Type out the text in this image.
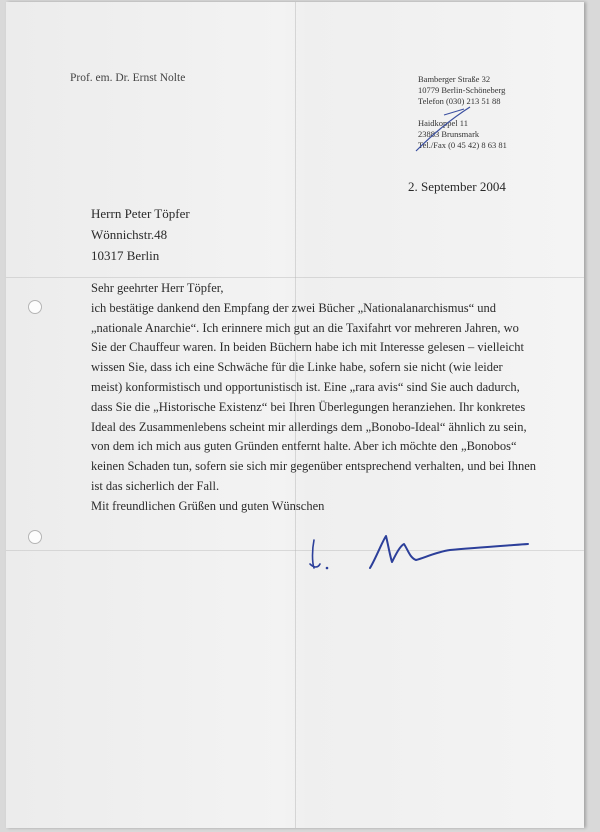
Prof. em. Dr. Ernst Nolte	Bamberger Straße 32
10779 Berlin-Schöneberg
Telefon (030) 213 51 88
Haidkoppel 11
23883 Brunsmark
Tel./Fax (0 45 42) 8 63 81
2. September 2004
Herrn Peter Töpfer
Wönnichstr.48
10317 Berlin
Sehr geehrter Herr Töpfer,
ich bestätige dankend den Empfang der zwei Bücher „Nationalanarchismus“ und
„nationale Anarchie“. Ich erinnere mich gut an die Taxifahrt vor mehreren Jahren, wo
Sie der Chauffeur waren. In beiden Büchern habe ich mit Interesse gelesen – vielleicht
wissen Sie, dass ich eine Schwäche für die Linke habe, sofern sie nicht (wie leider
meist) konformistisch und opportunistisch ist. Eine „rara avis“ sind Sie auch dadurch,
dass Sie die „Historische Existenz“ bei Ihren Überlegungen heranziehen. Ihr konkretes
Ideal des Zusammenlebens scheint mir allerdings dem „Bonobo-Ideal“ ähnlich zu sein,
von dem ich mich aus guten Gründen entfernt halte. Aber ich möchte den „Bonobos“
keinen Schaden tun, sofern sie sich mir gegenüber entsprechend verhalten, und bei Ihnen
ist das sicherlich der Fall.
Mit freundlichen Grüßen und guten Wünschen
